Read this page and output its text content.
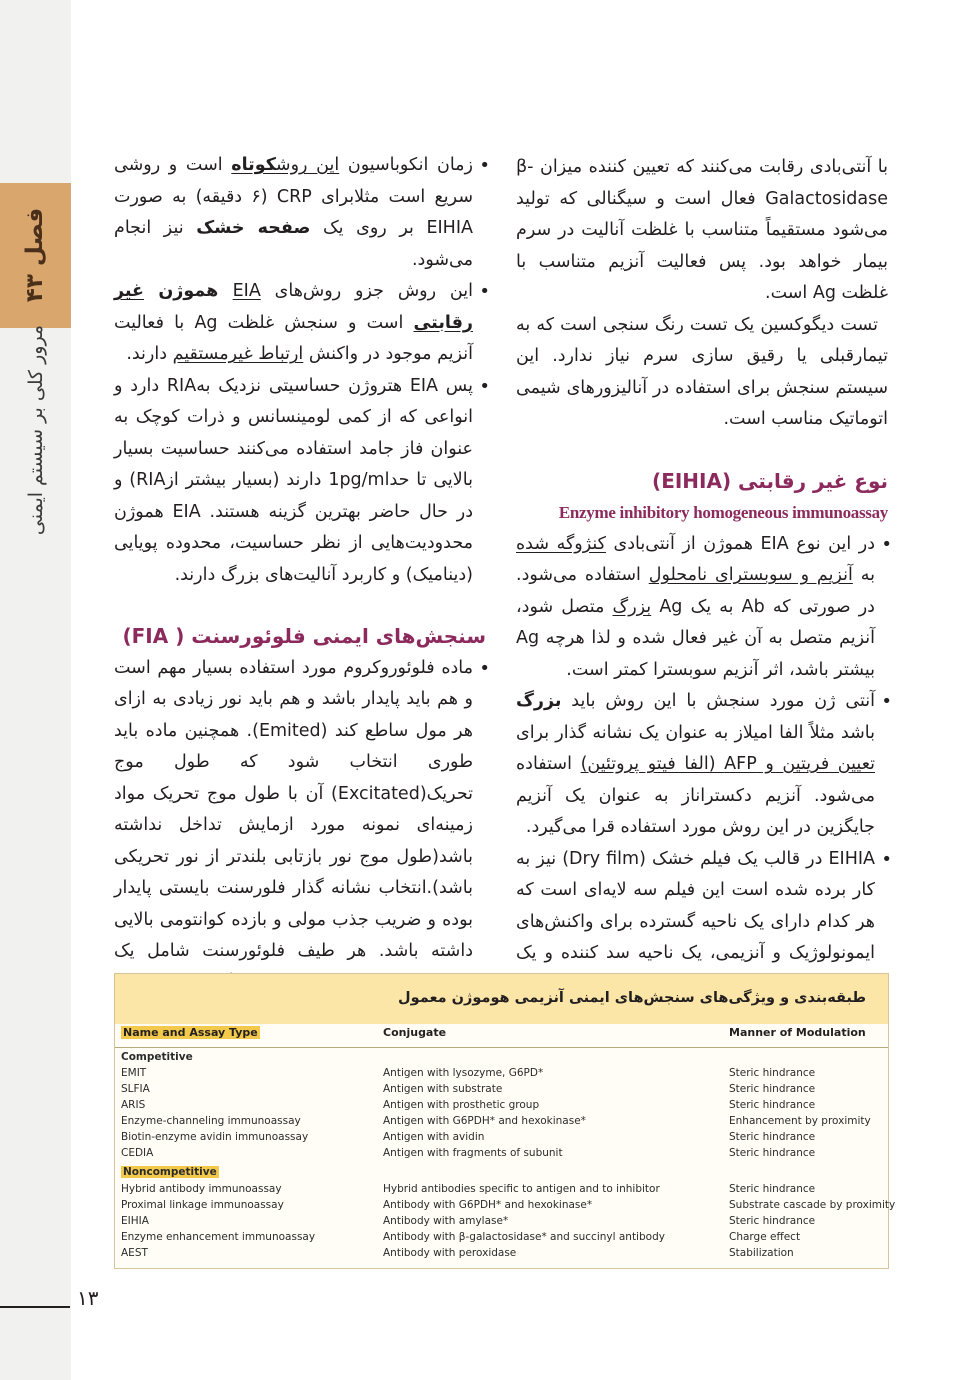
فصل ۴۳
مرور کلی بر سیستم ایمنی

با آنتی‌بادی رقابت می‌کنند که تعیین کننده میزان β-Galactosidase فعال است و سیگنالی که تولید می‌شود مستقیماً متناسب با غلظت آنالیت در سرم بیمار خواهد بود. پس فعالیت آنزیم متناسب با غلظت Ag است.

تست دیگوکسین یک تست رنگ سنجی است که به تیمارقبلی یا رقیق سازی سرم نیاز ندارد. این سیستم سنجش برای استفاده در آنالیزورهای شیمی اتوماتیک مناسب است.

نوع غیر رقابتی (EIHIA)

Enzyme inhibitory homogeneous immunoassay

• در این نوع EIA هموژن از آنتی‌بادی کنژوگه شده به آنزیم و سوبسترای نامحلول استفاده می‌شود. در صورتی که Ab به یک Ag بزرگ متصل شود، آنزیم متصل به آن غیر فعال شده و لذا هرچه Ag بیشتر باشد، اثر آنزیم سوبسترا کمتر است.

• آنتی ژن مورد سنجش با این روش باید بزرگ باشد مثلاً الفا امیلاز به عنوان یک نشانه گذار برای تعیین فریتین و AFP (الفا فیتو پروتئین) استفاده می‌شود. آنزیم دکستراناز به عنوان یک آنزیم جایگزین در این روش مورد استفاده قرا می‌گیرد.

• EIHIA در قالب یک فیلم خشک (Dry film) نیز به کار برده شده است این فیلم سه لایه‌ای است که هر کدام دارای یک ناحیه گسترده برای واکنش‌های ایمونولوژیک و آنزیمی، یک ناحیه سد کننده و یک

• زمان انکوباسیون این روشکوتاه است و روشی سریع است مثلابرای CRP (۶ دقیقه) به صورت EIHIA بر روی یک صفحه خشک نیز انجام می‌شود.

• این روش جزو روش‌های EIA هموژن غیر رقابتی است و سنجش غلظت Ag با فعالیت آنزیم موجود در واکنش ارتباط غیرمستقیم دارند.

• پس EIA هتروژن حساسیتی نزدیک بهRIA دارد و انواعی که از کمی لومینسانس و ذرات کوچک به عنوان فاز جامد استفاده می‌کنند حساسیت بسیار بالایی تا حد1pg/ml دارند (بسیار بیشتر ازRIA) و در حال حاضر بهترین گزینه هستند. EIA هموژن محدودیت‌هایی از نظر حساسیت، محدوده پویایی (دینامیک) و کاربرد آنالیت‌های بزرگ دارند.

سنجش‌های ایمنی فلوئورسنت ( FIA)

• ماده فلوئوروکروم مورد استفاده بسیار مهم است و هم باید پایدار باشد و هم باید نور زیادی به ازای هر مول ساطع کند (Emited). همچنین ماده باید طوری انتخاب شود که طول موج تحریک(Excitated) آن با طول موج تحریک مواد زمینه‌ای نمونه مورد ازمایش تداخل نداشته باشد(طول موج نور بازتابی بلندتر از نور تحریکی باشد).انتخاب نشانه گذار فلورسنت بایستی پایدار بوده و ضریب جذب مولی و بازده کوانتومی بالایی داشته باشد. هر طیف فلوئورسنت شامل یک

طبقه‌بندی و ویژگی‌های سنجش‌های ایمنی آنزیمی هوموژن معمول
Name and Assay Type	Conjugate	Manner of Modulation
Competitive
EMIT	Antigen with lysozyme, G6PD*	Steric hindrance
SLFIA	Antigen with substrate	Steric hindrance
ARIS	Antigen with prosthetic group	Steric hindrance
Enzyme-channeling immunoassay	Antigen with G6PDH* and hexokinase*	Enhancement by proximity
Biotin-enzyme avidin immunoassay	Antigen with avidin	Steric hindrance
CEDIA	Antigen with fragments of subunit	Steric hindrance
Noncompetitive
Hybrid antibody immunoassay	Hybrid antibodies specific to antigen and to inhibitor	Steric hindrance
Proximal linkage immunoassay	Antibody with G6PDH* and hexokinase*	Substrate cascade by proximity
EIHIA	Antibody with amylase*	Steric hindrance
Enzyme enhancement immunoassay	Antibody with β-galactosidase* and succinyl antibody	Charge effect
AEST	Antibody with peroxidase	Stabilization
۱۳
